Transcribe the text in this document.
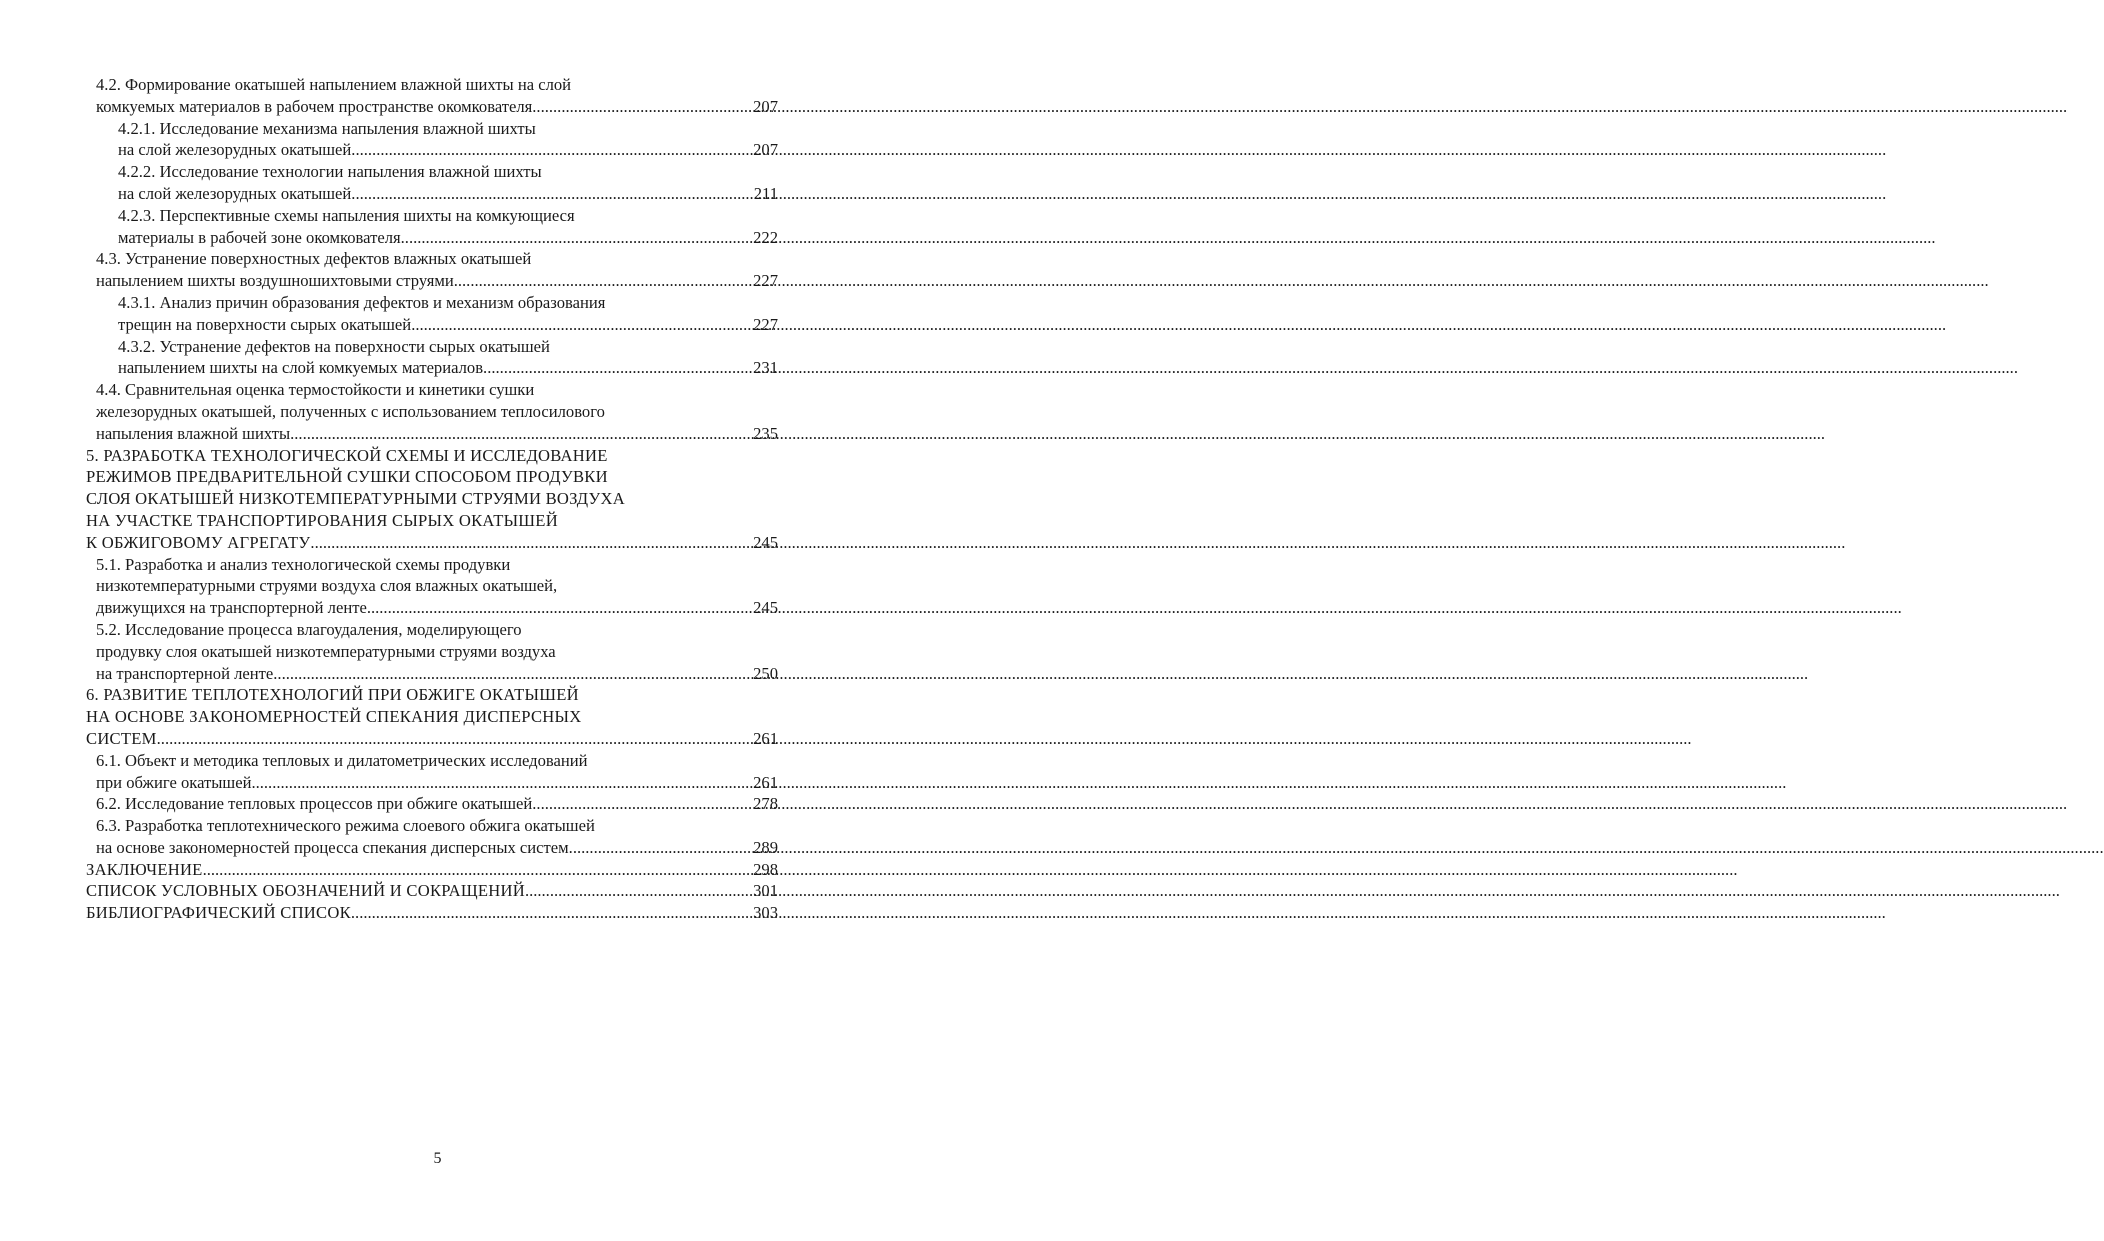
4.2. Формирование окатышей напылением влажной шихты на слой
комкуемых материалов в рабочем пространстве окомкователя .....	207
4.2.1. Исследование механизма напыления влажной шихты
на слой железорудных окатышей .....	207
4.2.2. Исследование технологии напыления влажной шихты
на слой железорудных окатышей .....	211
4.2.3. Перспективные схемы напыления шихты на комкующиеся
материалы в рабочей зоне окомкователя .....	222
4.3. Устранение поверхностных дефектов влажных окатышей
напылением шихты воздушношихтовыми струями .....	227
4.3.1. Анализ причин образования дефектов и механизм образования
трещин на поверхности сырых окатышей .....	227
4.3.2. Устранение дефектов на поверхности сырых окатышей
напылением шихты на слой комкуемых материалов .....	231
4.4. Сравнительная оценка термостойкости и кинетики сушки
железорудных окатышей, полученных с использованием теплосилового
напыления влажной шихты .....	235
5. РАЗРАБОТКА ТЕХНОЛОГИЧЕСКОЙ СХЕМЫ И ИССЛЕДОВАНИЕ
РЕЖИМОВ ПРЕДВАРИТЕЛЬНОЙ СУШКИ СПОСОБОМ ПРОДУВКИ
СЛОЯ ОКАТЫШЕЙ НИЗКОТЕМПЕРАТУРНЫМИ СТРУЯМИ ВОЗДУХА
НА УЧАСТКЕ ТРАНСПОРТИРОВАНИЯ СЫРЫХ ОКАТЫШЕЙ
К ОБЖИГОВОМУ АГРЕГАТУ .....	245
5.1. Разработка и анализ технологической схемы продувки
низкотемпературными струями воздуха слоя влажных окатышей,
движущихся на транспортерной ленте .....	245
5.2. Исследование процесса влагоудаления, моделирующего
продувку слоя окатышей низкотемпературными струями воздуха
на транспортерной ленте .....	250
6. РАЗВИТИЕ ТЕПЛОТЕХНОЛОГИЙ ПРИ ОБЖИГЕ ОКАТЫШЕЙ
НА ОСНОВЕ ЗАКОНОМЕРНОСТЕЙ СПЕКАНИЯ ДИСПЕРСНЫХ
СИСТЕМ .....	261
6.1. Объект и методика тепловых и дилатометрических исследований
при обжиге окатышей .....	261
6.2. Исследование тепловых процессов при обжиге окатышей .....	278
6.3. Разработка теплотехнического режима слоевого обжига окатышей
на основе закономерностей процесса спекания дисперсных систем .....	289
ЗАКЛЮЧЕНИЕ .....	298
СПИСОК УСЛОВНЫХ ОБОЗНАЧЕНИЙ И СОКРАЩЕНИЙ .....	301
БИБЛИОГРАФИЧЕСКИЙ СПИСОК .....	303
5
